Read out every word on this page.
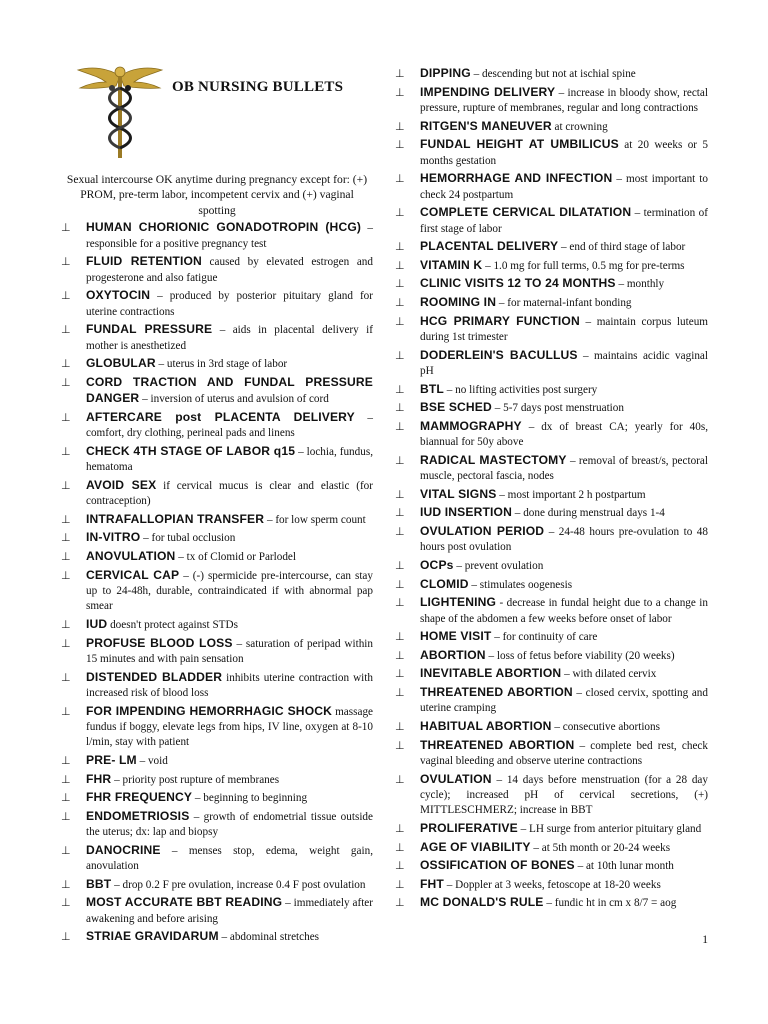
OB NURSING BULLETS
Sexual intercourse OK anytime during pregnancy except for: (+) PROM, pre-term labor, incompetent cervix and (+) vaginal spotting
⊥	HUMAN CHORIONIC GONADOTROPIN (HCG) – responsible for a positive pregnancy test
⊥	FLUID RETENTION caused by elevated estrogen and progesterone and also fatigue
⊥	OXYTOCIN – produced by posterior pituitary gland for uterine contractions
⊥	FUNDAL PRESSURE – aids in placental delivery if mother is anesthetized
⊥	GLOBULAR – uterus in 3rd stage of labor
⊥	CORD TRACTION AND FUNDAL PRESSURE DANGER – inversion of uterus and avulsion of cord
⊥	AFTERCARE post PLACENTA DELIVERY – comfort, dry clothing, perineal pads and linens
⊥	CHECK 4TH STAGE OF LABOR q15 – lochia, fundus, hematoma
⊥	AVOID SEX if cervical mucus is clear and elastic (for contraception)
⊥	INTRAFALLOPIAN TRANSFER – for low sperm count
⊥	IN-VITRO – for tubal occlusion
⊥	ANOVULATION – tx of Clomid or Parlodel
⊥	CERVICAL CAP – (-) spermicide pre-intercourse, can stay up to 24-48h, durable, contraindicated if with abnormal pap smear
⊥	IUD doesn't protect against STDs
⊥	PROFUSE BLOOD LOSS – saturation of peripad within 15 minutes and with pain sensation
⊥	DISTENDED BLADDER inhibits uterine contraction with increased risk of blood loss
⊥	FOR IMPENDING HEMORRHAGIC SHOCK massage fundus if boggy, elevate legs from hips, IV line, oxygen at 8-10 l/min, stay with patient
⊥	PRE- LM – void
⊥	FHR – priority post rupture of membranes
⊥	FHR FREQUENCY – beginning to beginning
⊥	ENDOMETRIOSIS – growth of endometrial tissue outside the uterus; dx: lap and biopsy
⊥	DANOCRINE – menses stop, edema, weight gain, anovulation
⊥	BBT – drop 0.2 F pre ovulation, increase 0.4 F post ovulation
⊥	MOST ACCURATE BBT READING – immediately after awakening and before arising
⊥	STRIAE GRAVIDARUM – abdominal stretches
⊥	DIPPING – descending but not at ischial spine
⊥	IMPENDING DELIVERY – increase in bloody show, rectal pressure, rupture of membranes, regular and long contractions
⊥	RITGEN'S MANEUVER at crowning
⊥	FUNDAL HEIGHT AT UMBILICUS at 20 weeks or 5 months gestation
⊥	HEMORRHAGE AND INFECTION – most important to check 24 postpartum
⊥	COMPLETE CERVICAL DILATATION – termination of first stage of labor
⊥	PLACENTAL DELIVERY – end of third stage of labor
⊥	VITAMIN K – 1.0 mg for full terms, 0.5 mg for pre-terms
⊥	CLINIC VISITS 12 TO 24 MONTHS – monthly
⊥	ROOMING IN – for maternal-infant bonding
⊥	HCG PRIMARY FUNCTION – maintain corpus luteum during 1st trimester
⊥	DODERLEIN'S BACULLUS – maintains acidic vaginal pH
⊥	BTL – no lifting activities post surgery
⊥	BSE SCHED – 5-7 days post menstruation
⊥	MAMMOGRAPHY – dx of breast CA; yearly for 40s, biannual for 50y above
⊥	RADICAL MASTECTOMY – removal of breast/s, pectoral muscle, pectoral fascia, nodes
⊥	VITAL SIGNS – most important 2 h postpartum
⊥	IUD INSERTION – done during menstrual days 1-4
⊥	OVULATION PERIOD – 24-48 hours pre-ovulation to 48 hours post ovulation
⊥	OCPs – prevent ovulation
⊥	CLOMID – stimulates oogenesis
⊥	LIGHTENING - decrease in fundal height due to a change in shape of the abdomen a few weeks before onset of labor
⊥	HOME VISIT – for continuity of care
⊥	ABORTION – loss of fetus before viability (20 weeks)
⊥	INEVITABLE ABORTION – with dilated cervix
⊥	THREATENED ABORTION – closed cervix, spotting and uterine cramping
⊥	HABITUAL ABORTION – consecutive abortions
⊥	THREATENED ABORTION – complete bed rest, check vaginal bleeding and observe uterine contractions
⊥	OVULATION – 14 days before menstruation (for a 28 day cycle); increased pH of cervical secretions, (+) MITTLESCHMERZ; increase in BBT
⊥	PROLIFERATIVE – LH surge from anterior pituitary gland
⊥	AGE OF VIABILITY – at 5th month or 20-24 weeks
⊥	OSSIFICATION OF BONES – at 10th lunar month
⊥	FHT – Doppler at 3 weeks, fetoscope at 18-20 weeks
⊥	MC DONALD'S RULE – fundic ht in cm x 8/7 = aog
1
